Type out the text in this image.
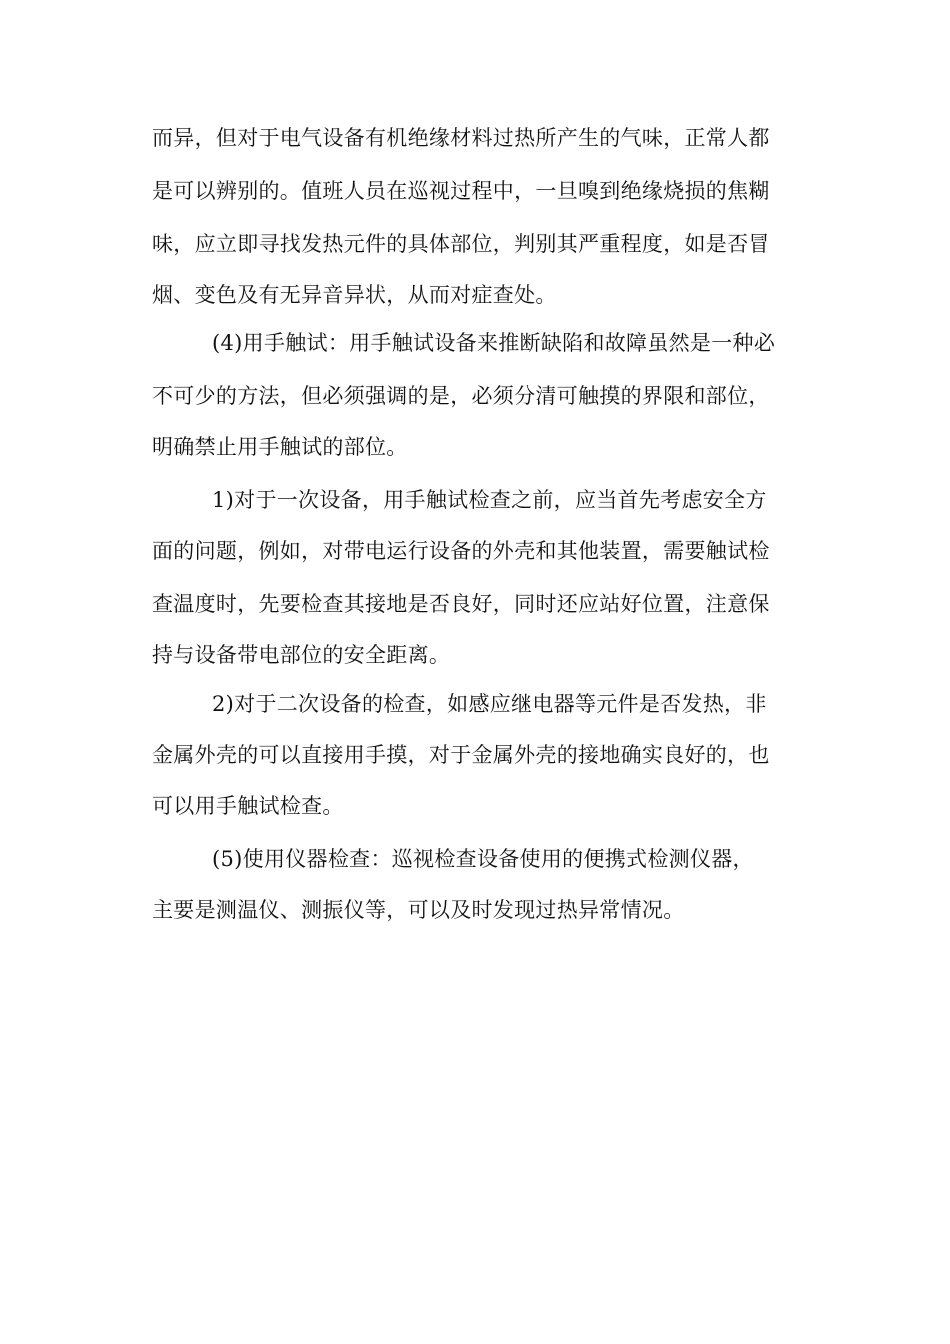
而异，但对于电气设备有机绝缘材料过热所产生的气味，正常人都
是可以辨别的。值班人员在巡视过程中，一旦嗅到绝缘烧损的焦糊
味，应立即寻找发热元件的具体部位，判别其严重程度，如是否冒
烟、变色及有无异音异状，从而对症查处。
(4)用手触试：用手触试设备来推断缺陷和故障虽然是一种必
不可少的方法，但必须强调的是，必须分清可触摸的界限和部位，
明确禁止用手触试的部位。
1)对于一次设备，用手触试检查之前，应当首先考虑安全方
面的问题，例如，对带电运行设备的外壳和其他装置，需要触试检
查温度时，先要检查其接地是否良好，同时还应站好位置，注意保
持与设备带电部位的安全距离。
2)对于二次设备的检查，如感应继电器等元件是否发热，非
金属外壳的可以直接用手摸，对于金属外壳的接地确实良好的，也
可以用手触试检查。
(5)使用仪器检查：巡视检查设备使用的便携式检测仪器，
主要是测温仪、测振仪等，可以及时发现过热异常情况。
